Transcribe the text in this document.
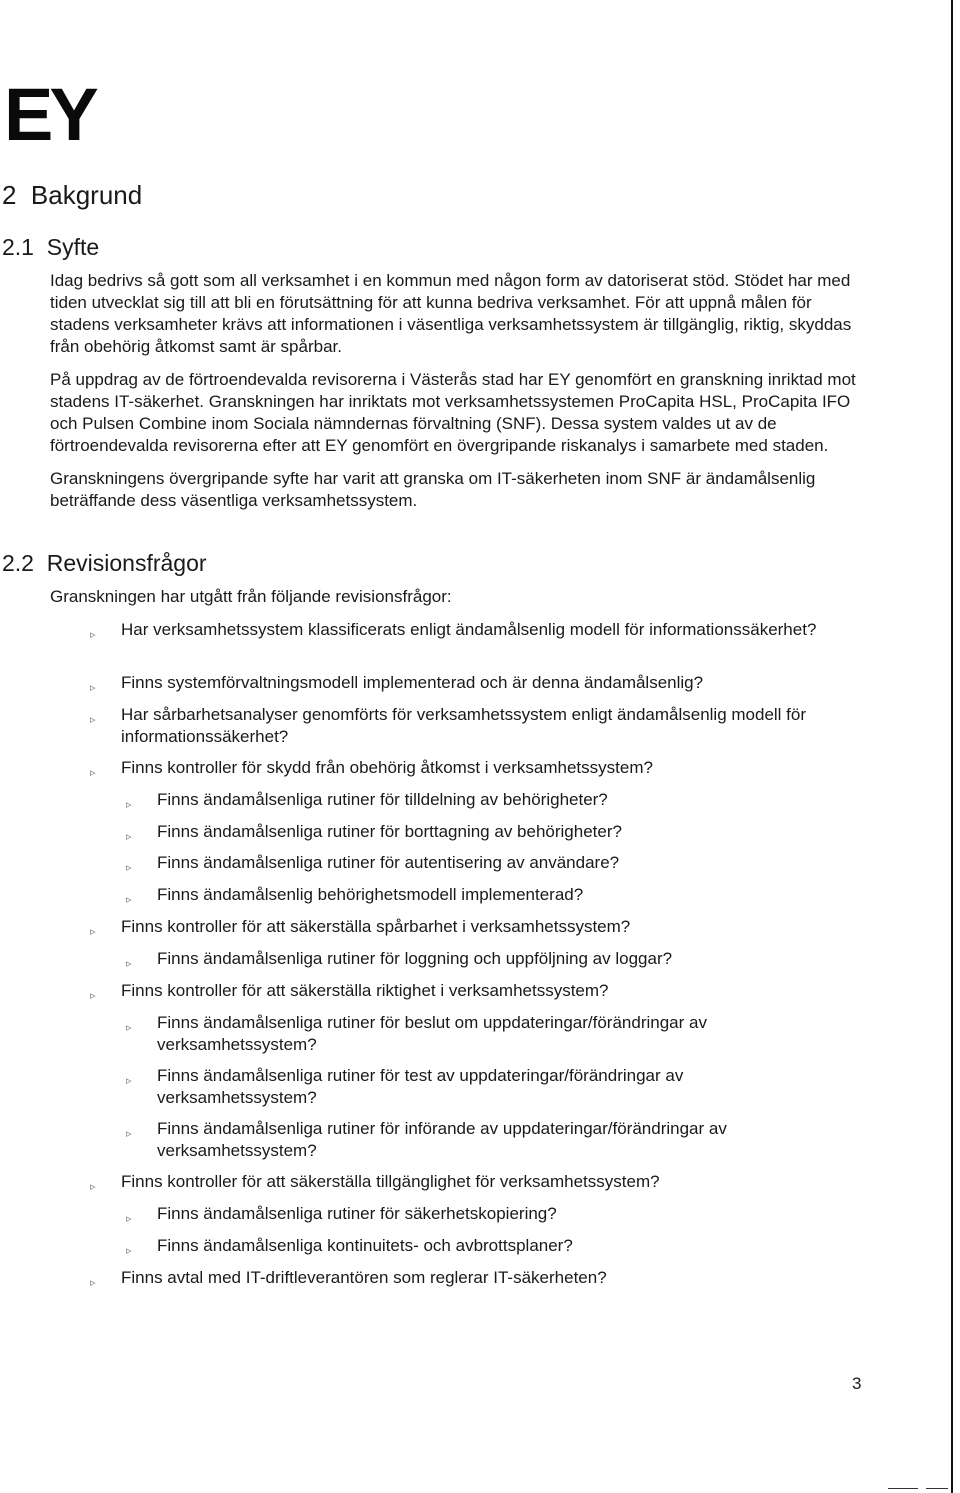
EY
2 Bakgrund
2.1 Syfte

Idag bedrivs så gott som all verksamhet i en kommun med någon form av datoriserat stöd. Stödet har med tiden utvecklat sig till att bli en förutsättning för att kunna bedriva verksamhet. För att uppnå målen för stadens verksamheter krävs att informationen i väsentliga verksamhetssystem är tillgänglig, riktig, skyddas från obehörig åtkomst samt är spårbar.

På uppdrag av de förtroendevalda revisorerna i Västerås stad har EY genomfört en granskning inriktad mot stadens IT-säkerhet. Granskningen har inriktats mot verksamhetssystemen ProCapita HSL, ProCapita IFO och Pulsen Combine inom Sociala nämndernas förvaltning (SNF). Dessa system valdes ut av de förtroendevalda revisorerna efter att EY genomfört en övergripande riskanalys i samarbete med staden.

Granskningens övergripande syfte har varit att granska om IT-säkerheten inom SNF är ändamålsenlig beträffande dess väsentliga verksamhetssystem.

2.2 Revisionsfrågor
Granskningen har utgått från följande revisionsfrågor:
▹ Har verksamhetssystem klassificerats enligt ändamålsenlig modell för informationssäkerhet?
▹ Finns systemförvaltningsmodell implementerad och är denna ändamålsenlig?
▹ Har sårbarhetsanalyser genomförts för verksamhetssystem enligt ändamålsenlig modell för informationssäkerhet?
▹ Finns kontroller för skydd från obehörig åtkomst i verksamhetssystem?
▹ Finns ändamålsenliga rutiner för tilldelning av behörigheter?
▹ Finns ändamålsenliga rutiner för borttagning av behörigheter?
▹ Finns ändamålsenliga rutiner för autentisering av användare?
▹ Finns ändamålsenlig behörighetsmodell implementerad?
▹ Finns kontroller för att säkerställa spårbarhet i verksamhetssystem?
▹ Finns ändamålsenliga rutiner för loggning och uppföljning av loggar?
▹ Finns kontroller för att säkerställa riktighet i verksamhetssystem?
▹ Finns ändamålsenliga rutiner för beslut om uppdateringar/förändringar av verksamhetssystem?
▹ Finns ändamålsenliga rutiner för test av uppdateringar/förändringar av verksamhetssystem?
▹ Finns ändamålsenliga rutiner för införande av uppdateringar/förändringar av verksamhetssystem?
▹ Finns kontroller för att säkerställa tillgänglighet för verksamhetssystem?
▹ Finns ändamålsenliga rutiner för säkerhetskopiering?
▹ Finns ändamålsenliga kontinuitets- och avbrottsplaner?
▹ Finns avtal med IT-driftleverantören som reglerar IT-säkerheten?
3
